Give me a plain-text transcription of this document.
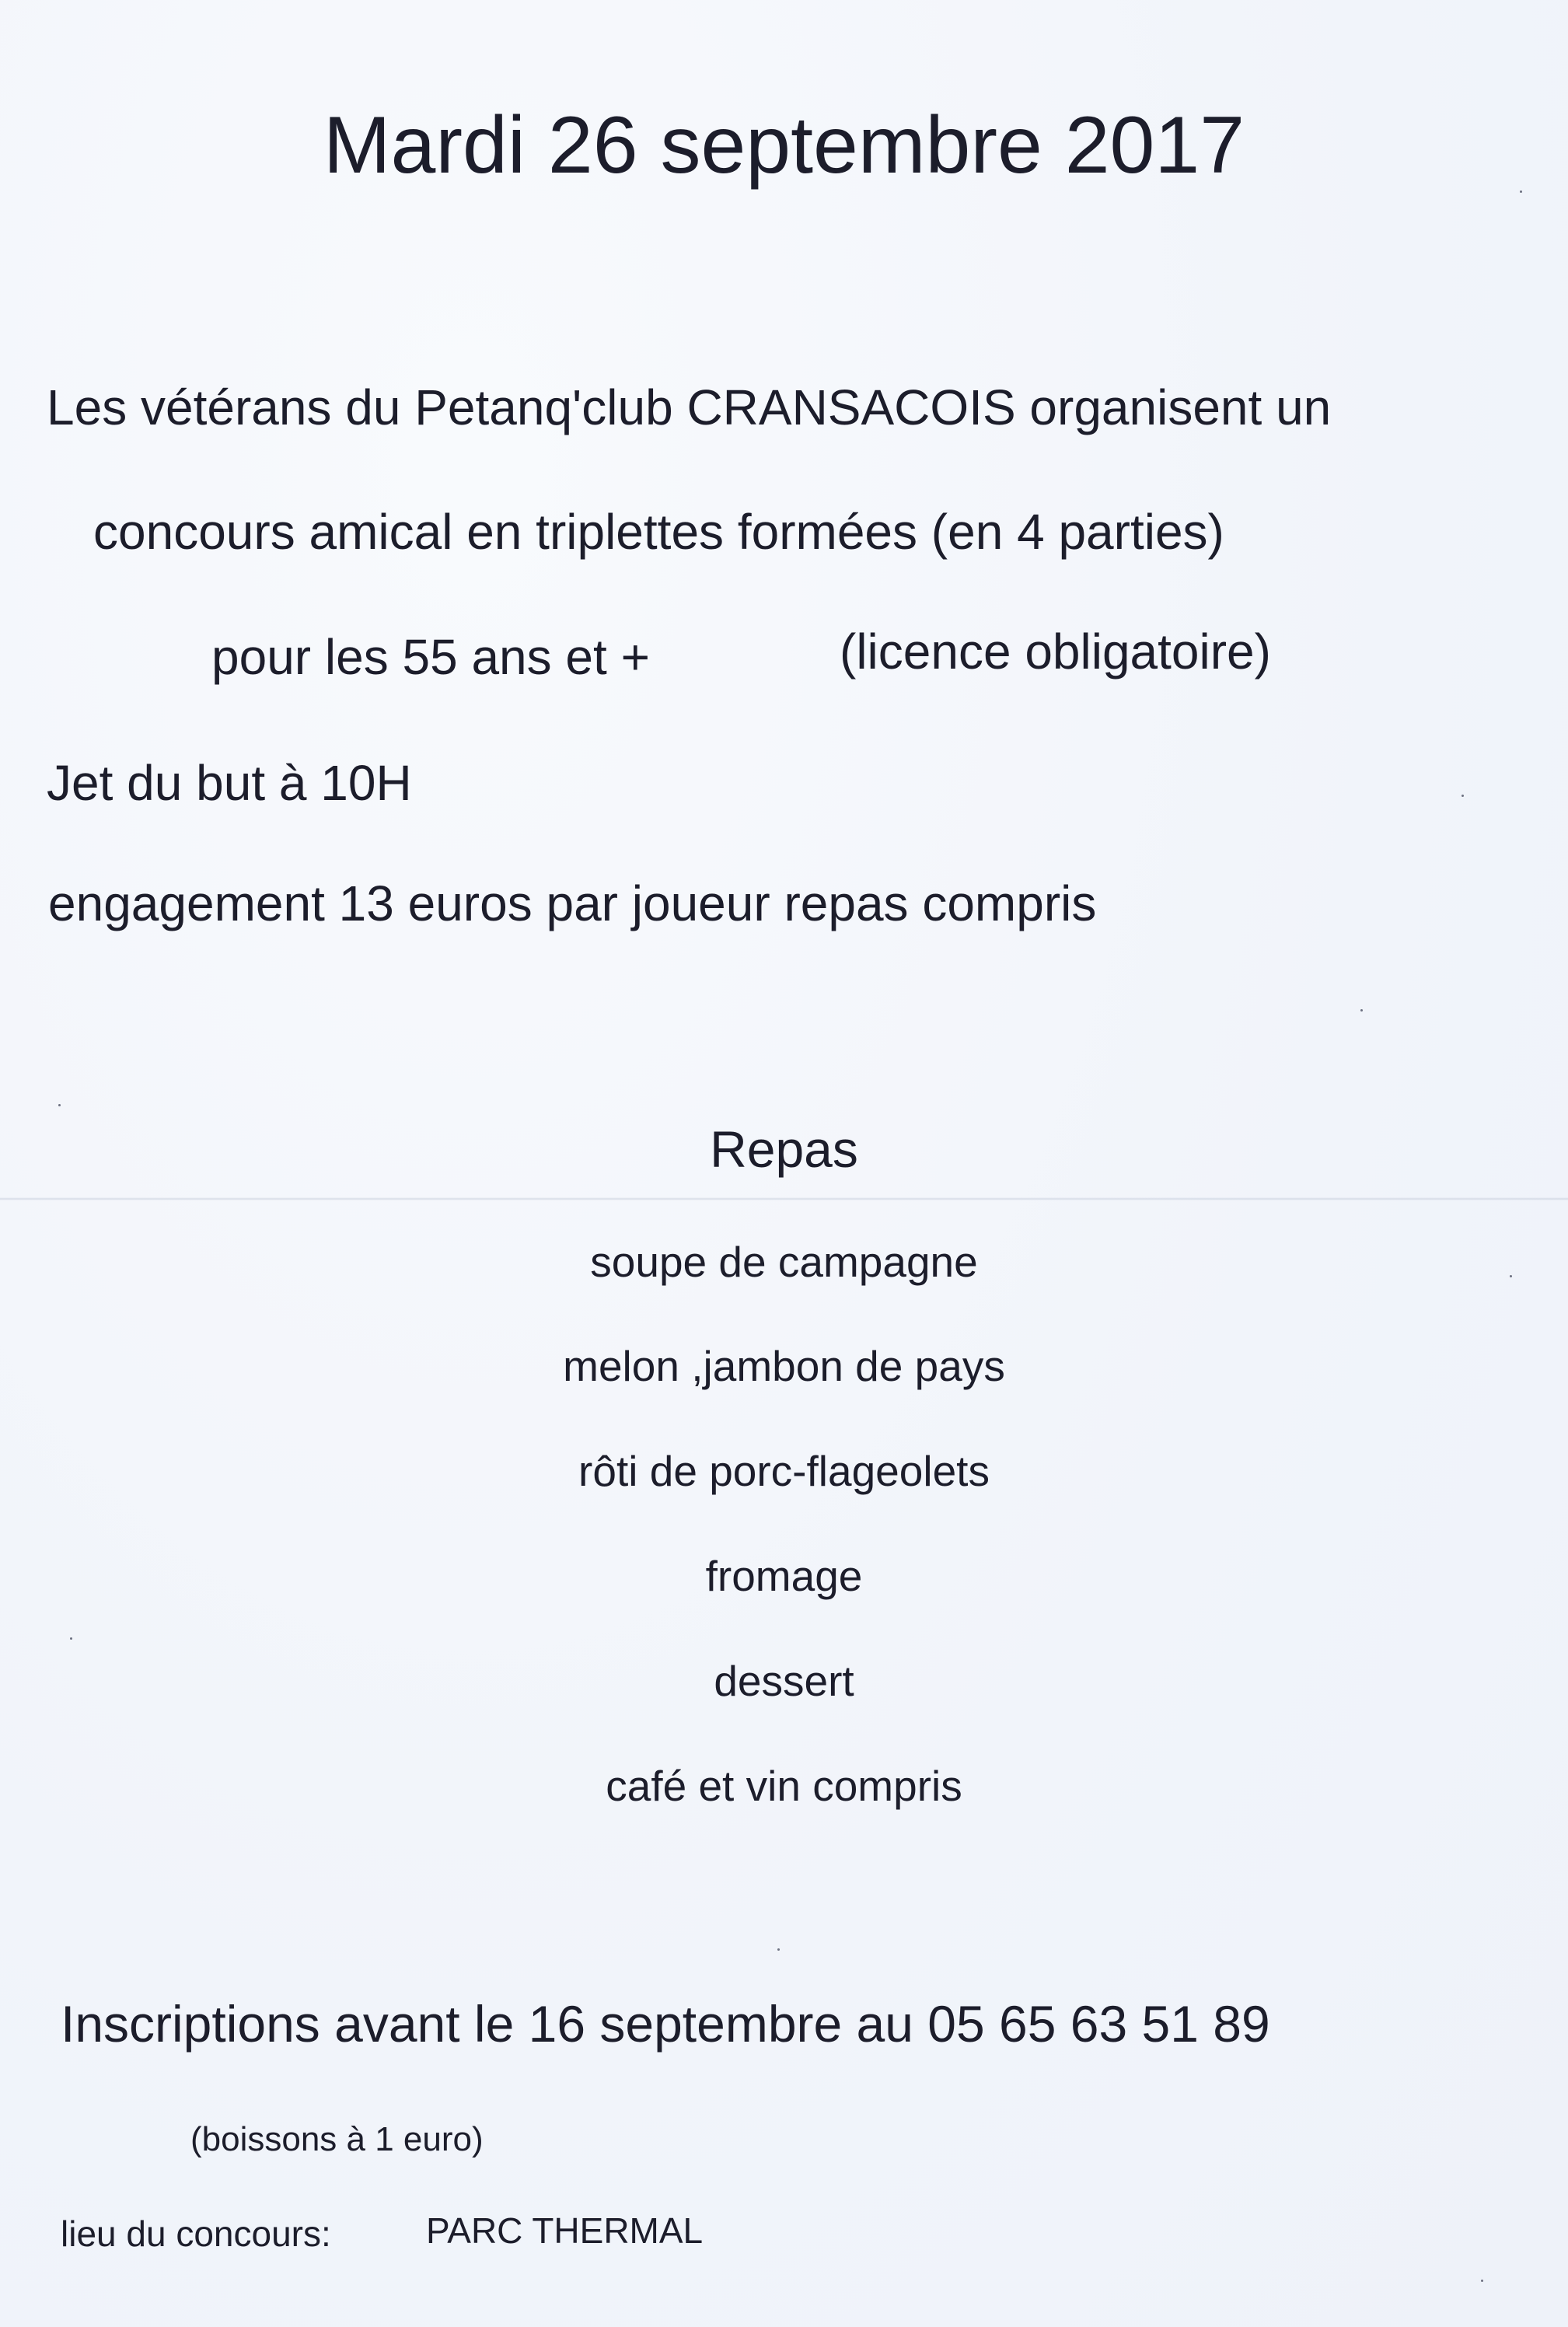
Mardi 26 septembre 2017
Les vétérans du Petanq'club CRANSACOIS organisent un
concours amical en triplettes formées (en 4 parties)
pour les 55 ans et +	(licence obligatoire)
Jet du but à 10H
engagement 13 euros par joueur repas compris
Repas
soupe de campagne
melon ,jambon de pays
rôti de porc-flageolets
fromage
dessert
café et vin compris
Inscriptions avant le 16 septembre au 05 65 63 51 89
(boissons à 1 euro)
lieu du concours:	PARC THERMAL
